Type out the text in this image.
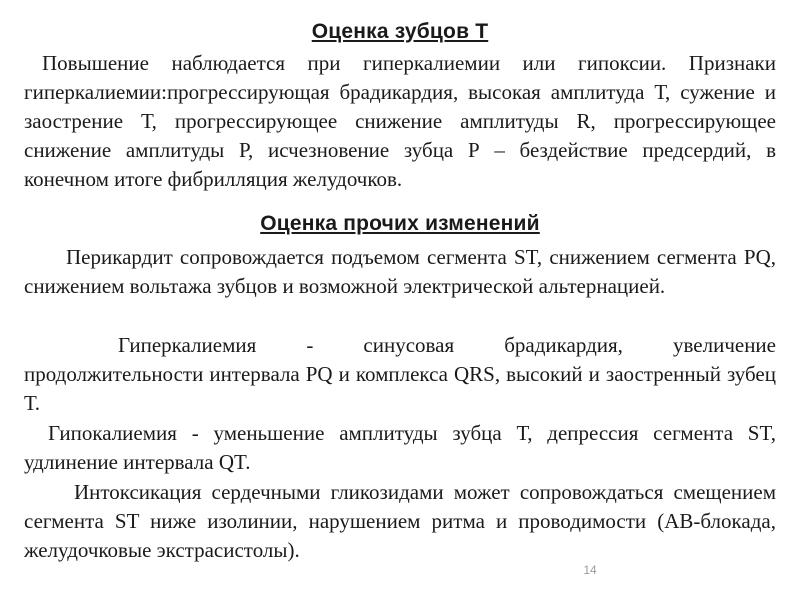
Оценка зубцов Т
Повышение наблюдается при гиперкалиемии или гипоксии. Признаки гиперкалиемии:прогрессирующая брадикардия, высокая амплитуда Т, сужение и заострение Т, прогрессирующее снижение амплитуды R, прогрессирующее снижение амплитуды Р, исчезновение зубца Р – бездействие предсердий, в конечном итоге фибрилляция желудочков.
Оценка прочих изменений
Перикардит сопровождается подъемом сегмента ST, снижением сегмента PQ, снижением вольтажа зубцов и возможной электрической альтернацией.
Гиперкалиемия - синусовая брадикардия, увеличение продолжительности интервала PQ и комплекса QRS, высокий и заостренный зубец Т.
Гипокалиемия - уменьшение амплитуды зубца Т, депрессия сегмента ST, удлинение интервала QT.
Интоксикация сердечными гликозидами может сопровождаться смещением сегмента ST ниже изолинии, нарушением ритма и проводимости (АВ-блокада, желудочковые экстрасистолы).
14
